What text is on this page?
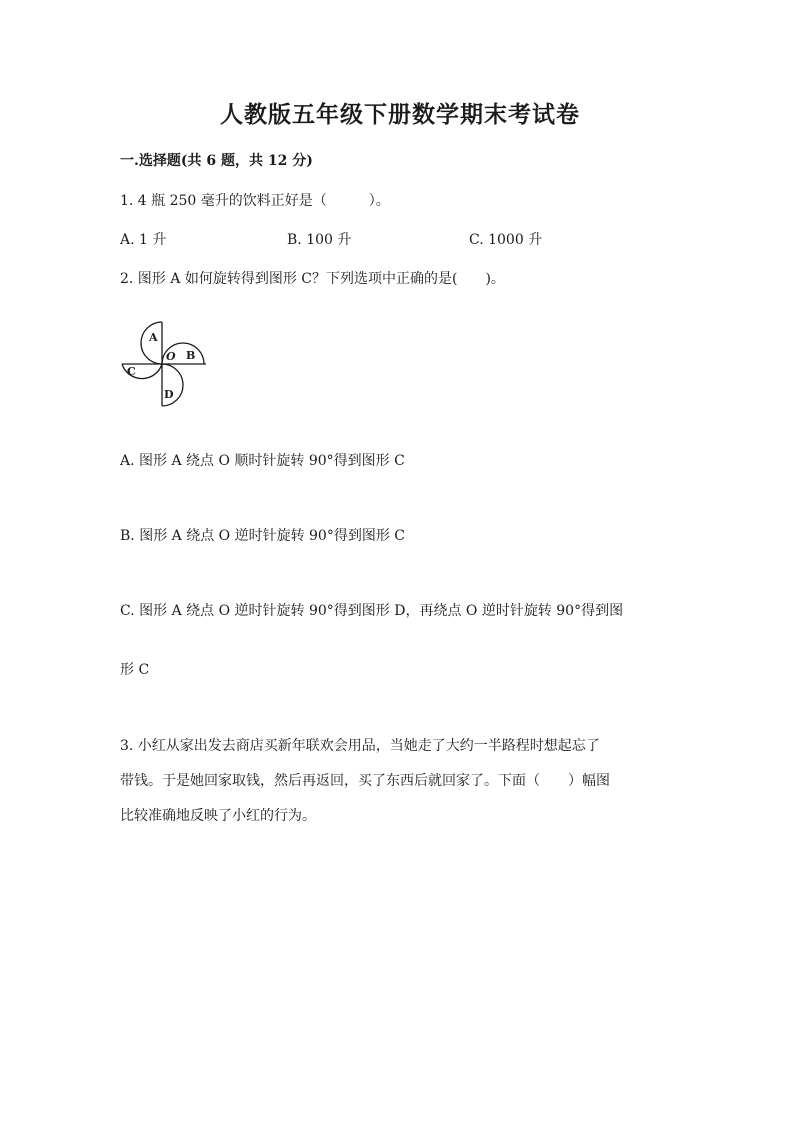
人教版五年级下册数学期末考试卷
一.选择题(共 6 题，共 12 分)
1. 4 瓶 250 毫升的饮料正好是（　　　）。
A. 1 升	B. 100 升	C. 1000 升
2. 图形 A 如何旋转得到图形 C？下列选项中正确的是(　　)。
A
O B
C
D
A. 图形 A 绕点 O 顺时针旋转 90°得到图形 C
B. 图形 A 绕点 O 逆时针旋转 90°得到图形 C
C. 图形 A 绕点 O 逆时针旋转 90°得到图形 D，再绕点 O 逆时针旋转 90°得到图
形 C
3. 小红从家出发去商店买新年联欢会用品，当她走了大约一半路程时想起忘了
带钱。于是她回家取钱，然后再返回，买了东西后就回家了。下面（　　）幅图
比较准确地反映了小红的行为。
